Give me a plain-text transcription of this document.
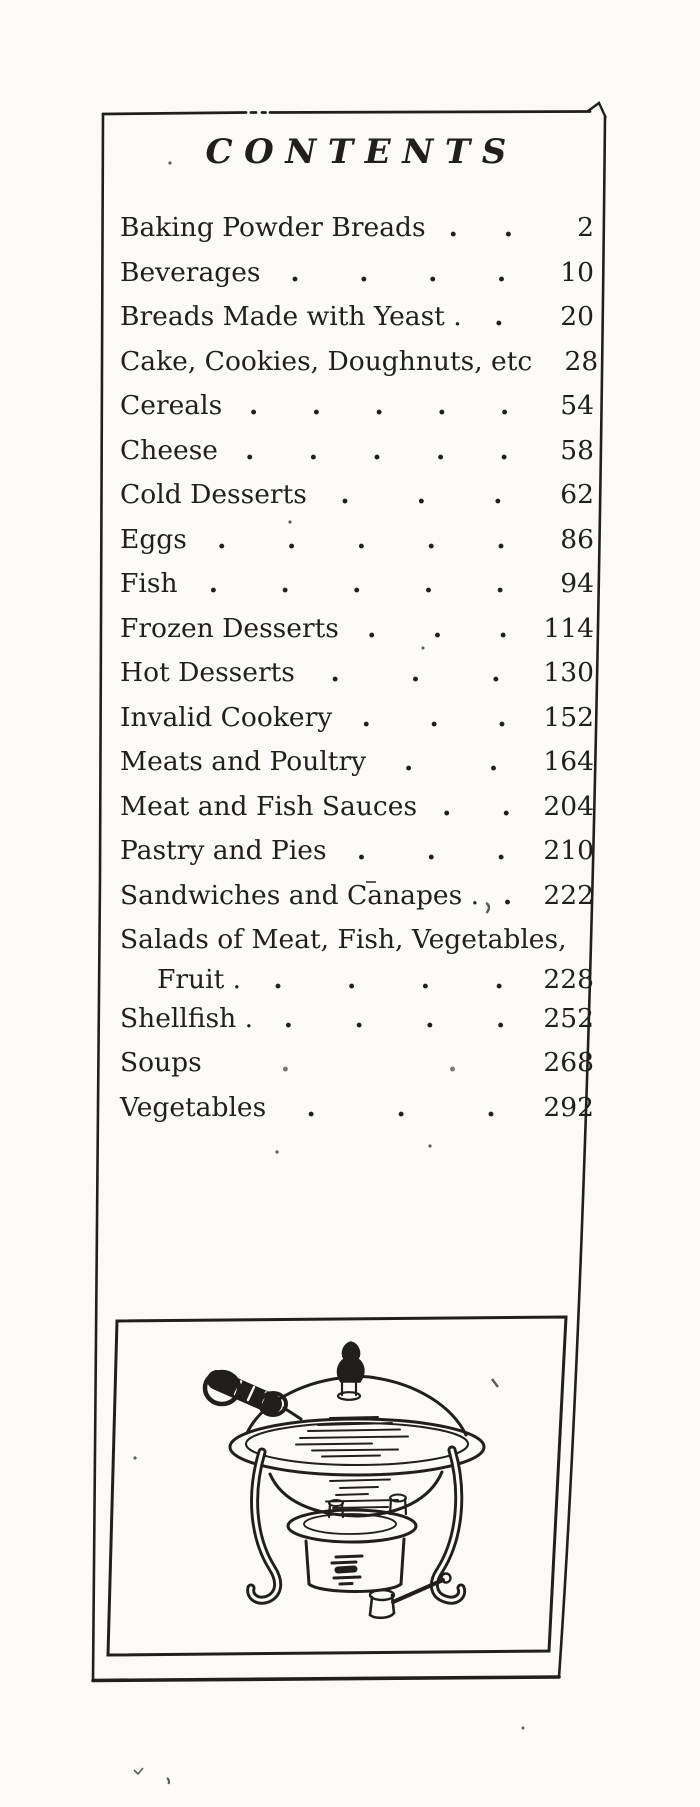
CONTENTS
Baking Powder Breads . .	2
Beverages . . . .	10
Breads Made with Yeast . .	20
Cake, Cookies, Doughnuts, etc	28
Cereals . . . . .	54
Cheese . . . . .	58
Cold Desserts .	.	.	62
Eggs . . . . .	86
Fish . . . . .	94
Frozen Desserts . . . 114
Hot Desserts .	.	. 130
Invalid Cookery . . . 152
Meats and Poultry .	. 164
Meat and Fish Sauces . . 204
Pastry and Pies . . . 210
Sandwiches and Canapes . . 222
Salads of Meat, Fish, Vegetables,
Fruit . . . . . 228
Shellfish . . . . . 252
Soups	.	.	268
Vegetables .	.	. 292
